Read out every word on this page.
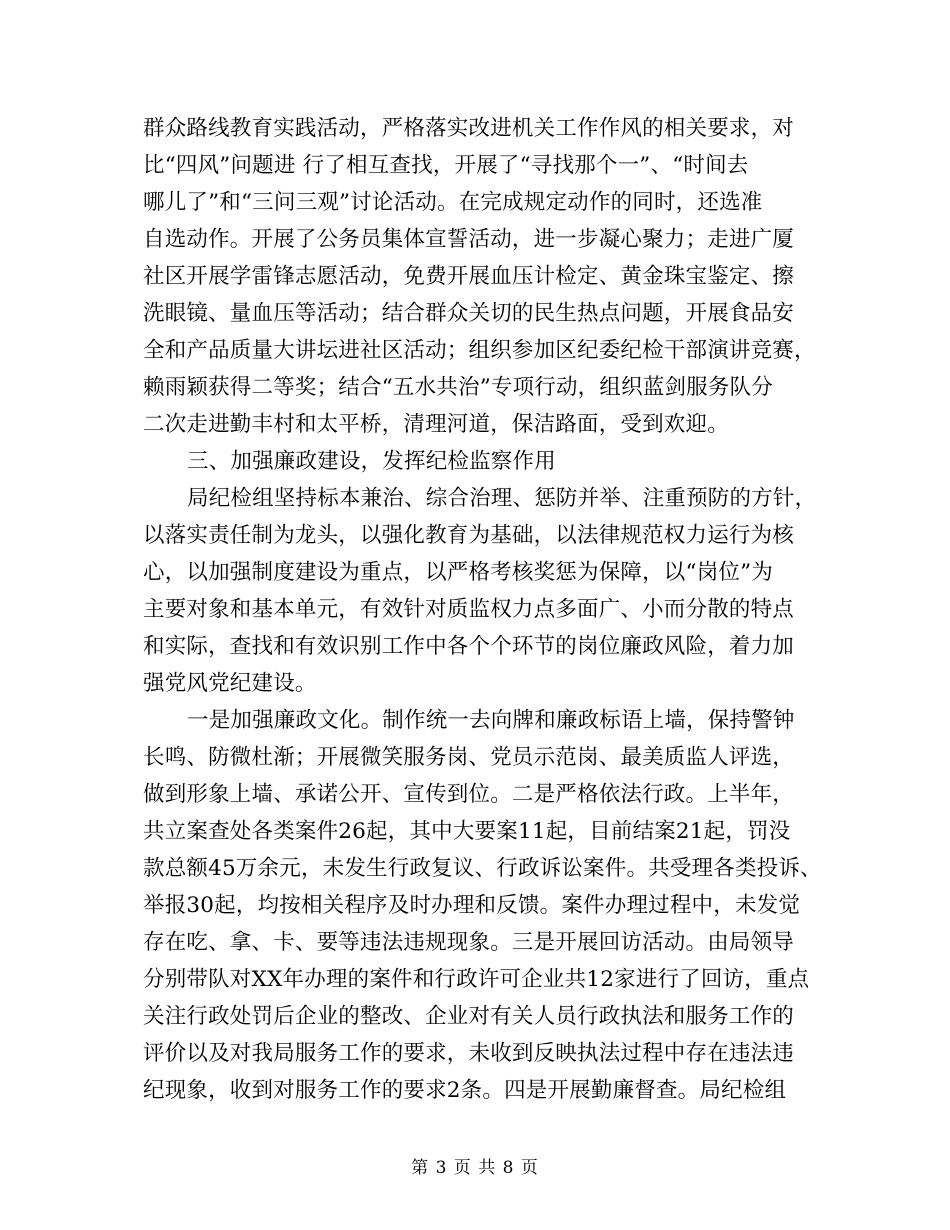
群众路线教育实践活动，严格落实改进机关工作作风的相关要求，对
比“四风”问题进 行了相互查找，开展了“寻找那个一”、“时间去
哪儿了”和“三问三观”讨论活动。在完成规定动作的同时，还选准
自选动作。开展了公务员集体宣誓活动，进一步凝心聚力；走进广厦
社区开展学雷锋志愿活动，免费开展血压计检定、黄金珠宝鉴定、擦
洗眼镜、量血压等活动；结合群众关切的民生热点问题，开展食品安
全和产品质量大讲坛进社区活动；组织参加区纪委纪检干部演讲竞赛，
赖雨颖获得二等奖；结合“五水共治”专项行动，组织蓝剑服务队分
二次走进勤丰村和太平桥，清理河道，保洁路面，受到欢迎。
三、加强廉政建设，发挥纪检监察作用
局纪检组坚持标本兼治、综合治理、惩防并举、注重预防的方针，
以落实责任制为龙头，以强化教育为基础，以法律规范权力运行为核
心，以加强制度建设为重点，以严格考核奖惩为保障，以“岗位”为
主要对象和基本单元，有效针对质监权力点多面广、小而分散的特点
和实际，查找和有效识别工作中各个个环节的岗位廉政风险，着力加
强党风党纪建设。
一是加强廉政文化。制作统一去向牌和廉政标语上墙，保持警钟
长鸣、防微杜渐；开展微笑服务岗、党员示范岗、最美质监人评选，
做到形象上墙、承诺公开、宣传到位。二是严格依法行政。上半年，
共立案查处各类案件26起，其中大要案11起，目前结案21起，罚没
款总额45万余元，未发生行政复议、行政诉讼案件。共受理各类投诉、
举报30起，均按相关程序及时办理和反馈。案件办理过程中，未发觉
存在吃、拿、卡、要等违法违规现象。三是开展回访活动。由局领导
分别带队对XX年办理的案件和行政许可企业共12家进行了回访，重点
关注行政处罚后企业的整改、企业对有关人员行政执法和服务工作的
评价以及对我局服务工作的要求，未收到反映执法过程中存在违法违
纪现象，收到对服务工作的要求2条。四是开展勤廉督查。局纪检组
第 3 页 共 8 页
